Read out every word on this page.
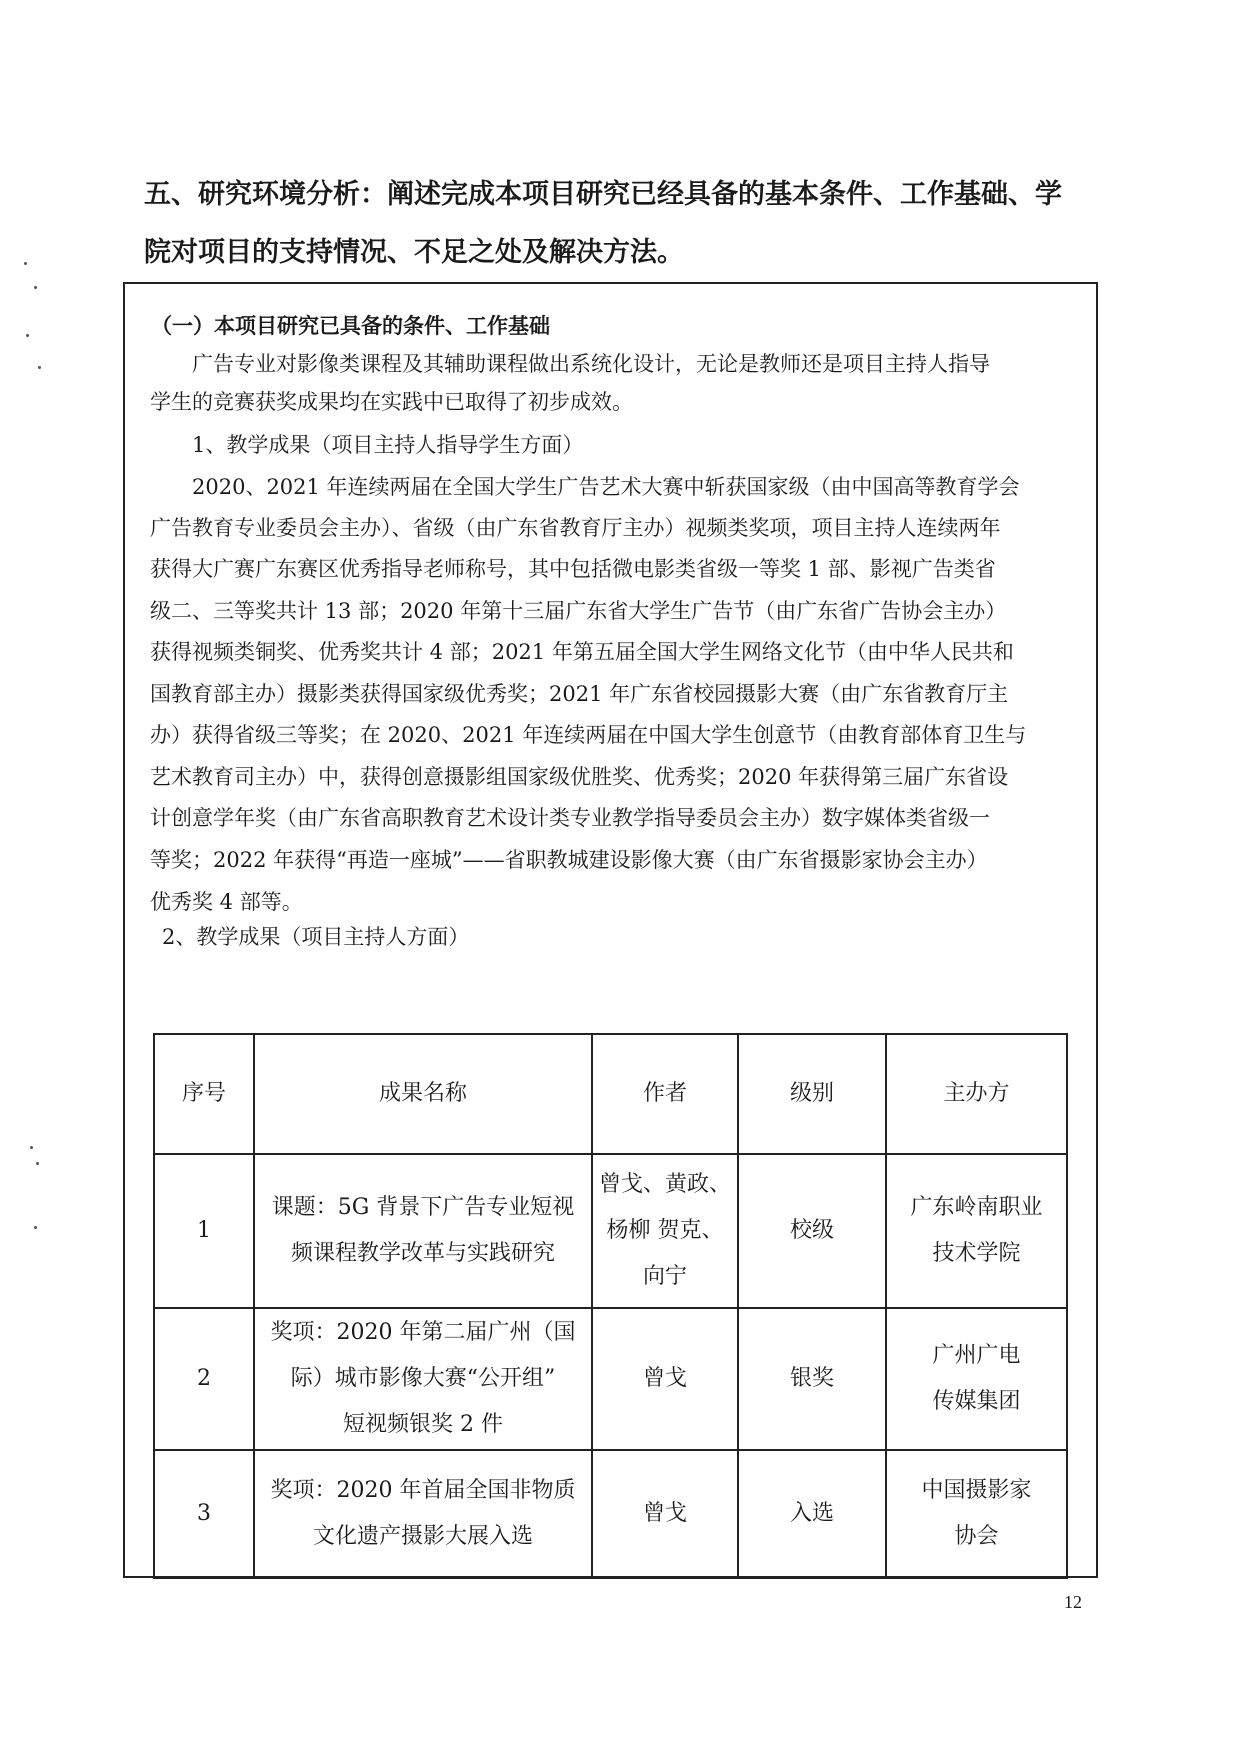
五、研究环境分析：阐述完成本项目研究已经具备的基本条件、工作基础、学
院对项目的支持情况、不足之处及解决方法。
（一）本项目研究已具备的条件、工作基础
广告专业对影像类课程及其辅助课程做出系统化设计，无论是教师还是项目主持人指导
学生的竞赛获奖成果均在实践中已取得了初步成效。
1、教学成果（项目主持人指导学生方面）
2020、2021 年连续两届在全国大学生广告艺术大赛中斩获国家级（由中国高等教育学会
广告教育专业委员会主办）、省级（由广东省教育厅主办）视频类奖项，项目主持人连续两年
获得大广赛广东赛区优秀指导老师称号，其中包括微电影类省级一等奖 1 部、影视广告类省
级二、三等奖共计 13 部；2020 年第十三届广东省大学生广告节（由广东省广告协会主办）
获得视频类铜奖、优秀奖共计 4 部；2021 年第五届全国大学生网络文化节（由中华人民共和
国教育部主办）摄影类获得国家级优秀奖；2021 年广东省校园摄影大赛（由广东省教育厅主
办）获得省级三等奖；在 2020、2021 年连续两届在中国大学生创意节（由教育部体育卫生与
艺术教育司主办）中，获得创意摄影组国家级优胜奖、优秀奖；2020 年获得第三届广东省设
计创意学年奖（由广东省高职教育艺术设计类专业教学指导委员会主办）数字媒体类省级一
等奖；2022 年获得“再造一座城”——省职教城建设影像大赛（由广东省摄影家协会主办）
优秀奖 4 部等。
2、教学成果（项目主持人方面）
序号	成果名称	作者	级别	主办方
1	课题：5G 背景下广告专业短视
频课程教学改革与实践研究	曾戈、黄政、
杨柳 贺克、
向宁	校级	广东岭南职业
技术学院

2	奖项：2020 年第二届广州（国
际）城市影像大赛“公开组”
短视频银奖 2 件	曾戈	银奖	广州广电
传媒集团

3	奖项：2020 年首届全国非物质
文化遗产摄影大展入选	曾戈	入选	中国摄影家
协会
12
